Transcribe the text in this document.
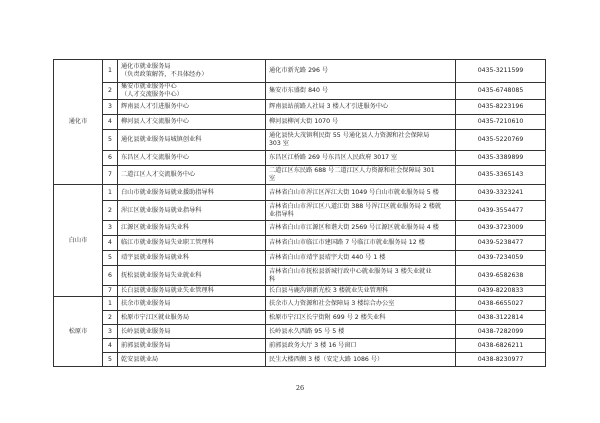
通化市	1	通化市就业服务局
（负责政策解答，不具体经办）	通化市新光路 296 号	0435-3211599
	2	集安市就业服务中心
（人才交流服务中心）	集安市东盛街 840 号	0435-6748085
	3	辉南县人才引进服务中心	辉南县站前路人社局 3 楼人才引进服务中心	0435-8223196
	4	柳河县人才交流服务中心	柳河县柳河大街 1070 号	0435-7210610
	5	通化县就业服务局城镇创业科	通化县快大茂镇利民街 55 号通化县人力资源和社会保障局
303 室	0435-5220769
	6	东昌区人才交流服务中心	东昌区江桥路 269 号东昌区人民政府 3017 室	0435-3389899
	7	二道江区人才交流服务中心	二道江区东民路 688 号二道江区人力资源和社会保障局 301
室	0435-3365143
白山市	1	白山市就业服务局就业援助指导科	吉林省白山市浑江区浑江大街 1049 号白山市就业服务局 5 楼	0439-3323241
	2	浑江区就业服务局就业指导科	吉林省白山市浑江区八道江街 388 号浑江区就业服务局 2 楼就
业指导科	0439-3554477
	3	江源区就业服务局失业科	吉林省白山市江源区和谐大街 2569 号江源区就业服务局 4 楼	0439-3723009
	4	临江市就业服务局失业职工管理科	吉林省白山市临江市建国路 7 号临江市就业服务局 12 楼	0439-5238477
	5	靖宇县就业服务局就业科	吉林省白山市靖宇县靖宇大街 440 号 1 楼	0439-7234059
	6	抚松县就业服务局失业就业科	吉林省白山市抚松县新城行政中心就业服务局 3 楼失业就业
科	0439-6582638
	7	长白县就业服务局就业失业管理科	长白县马鹿沟镇新光校 3 楼就业失业管理科	0439-8220833
松原市	1	扶余市就业服务局	扶余市人力资源和社会保障局 3 楼综合办公室	0438-6655027
	2	松原市宁江区就业服务局	松原市宁江区长宁街附 699 号 2 楼失业科	0438-3122814
	3	长岭县就业服务局	长岭县永久西路 95 号 5 楼	0438-7282099
	4	前郭县就业服务局	前郭县政务大厅 3 楼 16 号窗口	0438-6826211
	5	乾安县就业局	民生大楼西侧 3 楼（安定大路 1086 号）	0438-8230977
26
